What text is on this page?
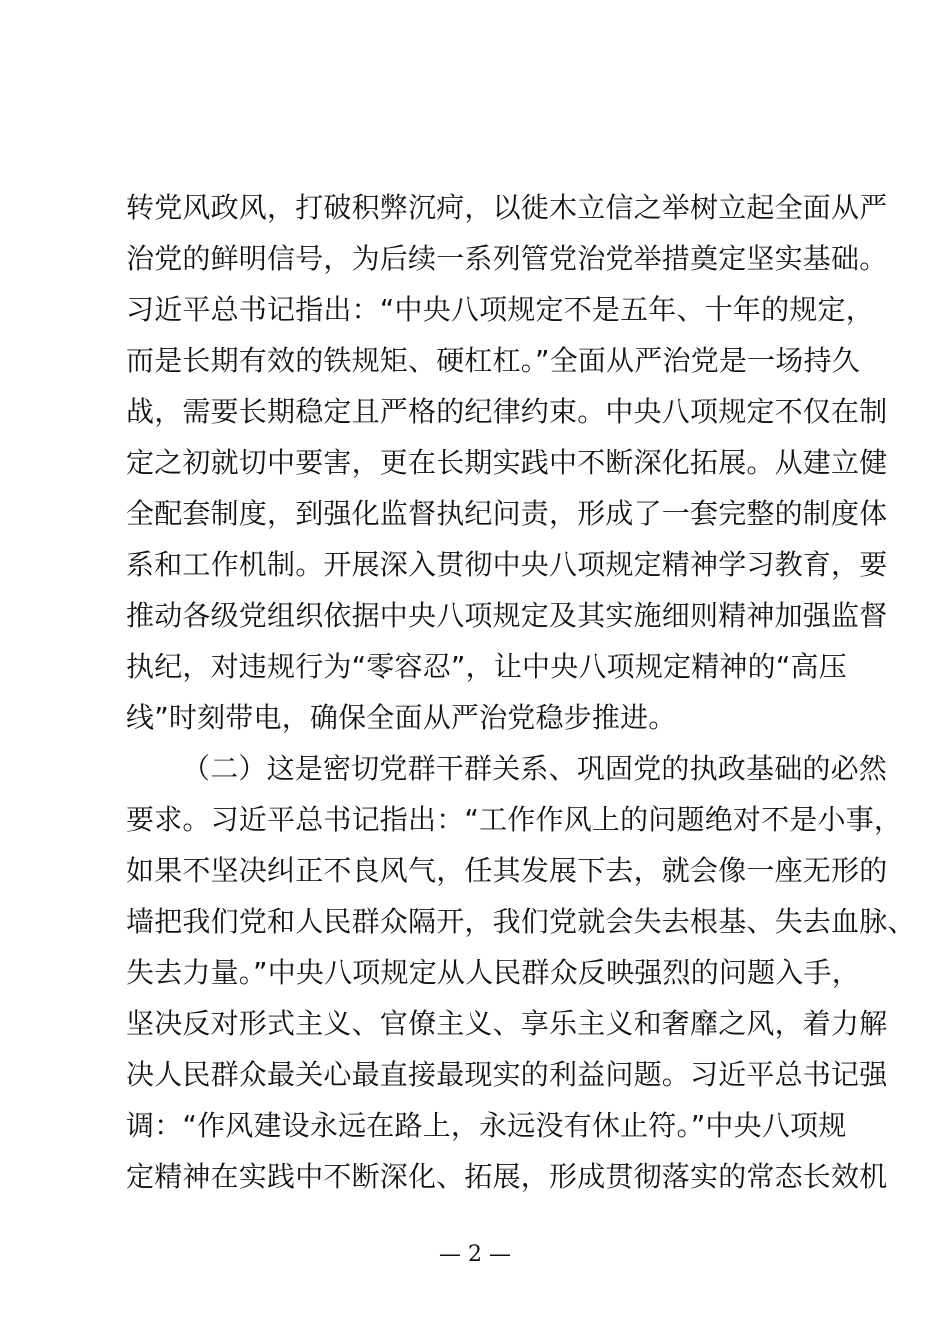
转党风政风，打破积弊沉疴，以徙木立信之举树立起全面从严
治党的鲜明信号，为后续一系列管党治党举措奠定坚实基础。
习近平总书记指出：“中央八项规定不是五年、十年的规定，
而是长期有效的铁规矩、硬杠杠。”全面从严治党是一场持久
战，需要长期稳定且严格的纪律约束。中央八项规定不仅在制
定之初就切中要害，更在长期实践中不断深化拓展。从建立健
全配套制度，到强化监督执纪问责，形成了一套完整的制度体
系和工作机制。开展深入贯彻中央八项规定精神学习教育，要
推动各级党组织依据中央八项规定及其实施细则精神加强监督
执纪，对违规行为“零容忍”，让中央八项规定精神的“高压
线”时刻带电，确保全面从严治党稳步推进。
（二）这是密切党群干群关系、巩固党的执政基础的必然
要求。习近平总书记指出：“工作作风上的问题绝对不是小事，
如果不坚决纠正不良风气，任其发展下去，就会像一座无形的
墙把我们党和人民群众隔开，我们党就会失去根基、失去血脉、
失去力量。”中央八项规定从人民群众反映强烈的问题入手，
坚决反对形式主义、官僚主义、享乐主义和奢靡之风，着力解
决人民群众最关心最直接最现实的利益问题。习近平总书记强
调：“作风建设永远在路上，永远没有休止符。”中央八项规
定精神在实践中不断深化、拓展，形成贯彻落实的常态长效机
— 2 —
